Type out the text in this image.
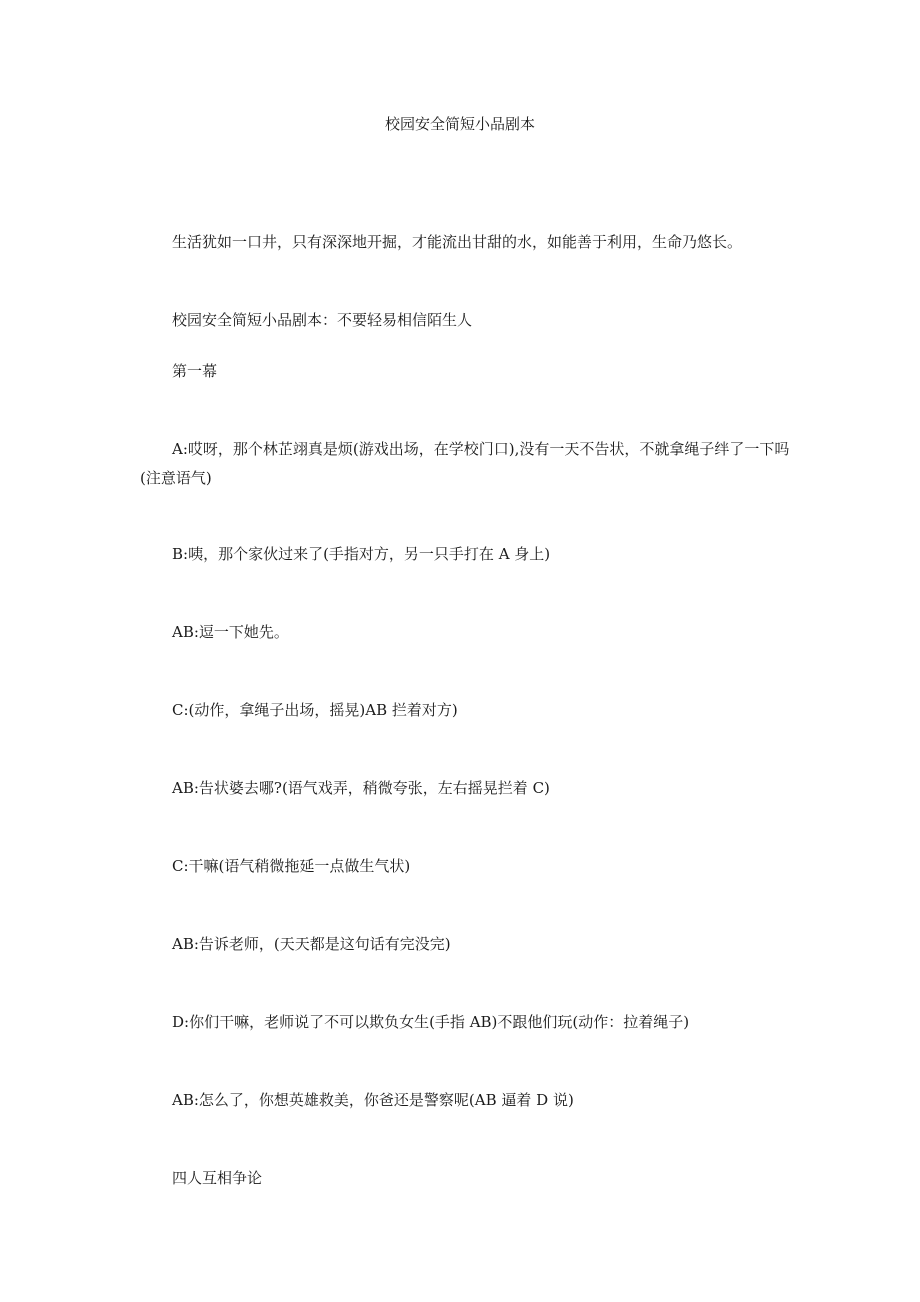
校园安全简短小品剧本
生活犹如一口井，只有深深地开掘，才能流出甘甜的水，如能善于利用，生命乃悠长。
校园安全简短小品剧本：不要轻易相信陌生人
第一幕
A:哎呀，那个林芷翊真是烦(游戏出场，在学校门口),没有一天不告状，不就拿绳子绊了一下吗(注意语气)
B:咦，那个家伙过来了(手指对方，另一只手打在 A 身上)
AB:逗一下她先。
C:(动作，拿绳子出场，摇晃)AB 拦着对方)
AB:告状婆去哪?(语气戏弄，稍微夸张，左右摇晃拦着 C)
C:干嘛(语气稍微拖延一点做生气状)
AB:告诉老师，(天天都是这句话有完没完)
D:你们干嘛，老师说了不可以欺负女生(手指 AB)不跟他们玩(动作：拉着绳子)
AB:怎么了，你想英雄救美，你爸还是警察呢(AB 逼着 D 说)
四人互相争论
